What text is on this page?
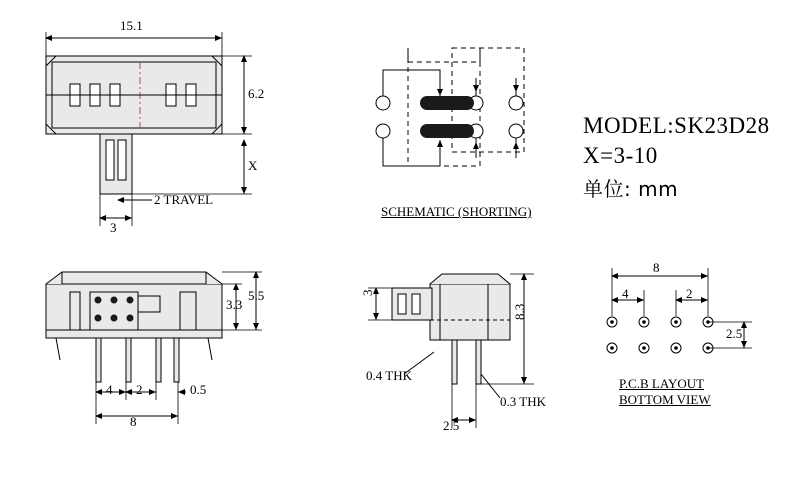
15.1
6.2
X
2 TRAVEL
3
SCHEMATIC (SHORTING)
MODEL:SK23D28
X=3-10
单位: mm
3.3
5.5
4 2	0.5
8
3
8.3
0.4 THK
0.3 THK
2.5
8
4	2
2.5
P.C.B LAYOUT
BOTTOM VIEW
